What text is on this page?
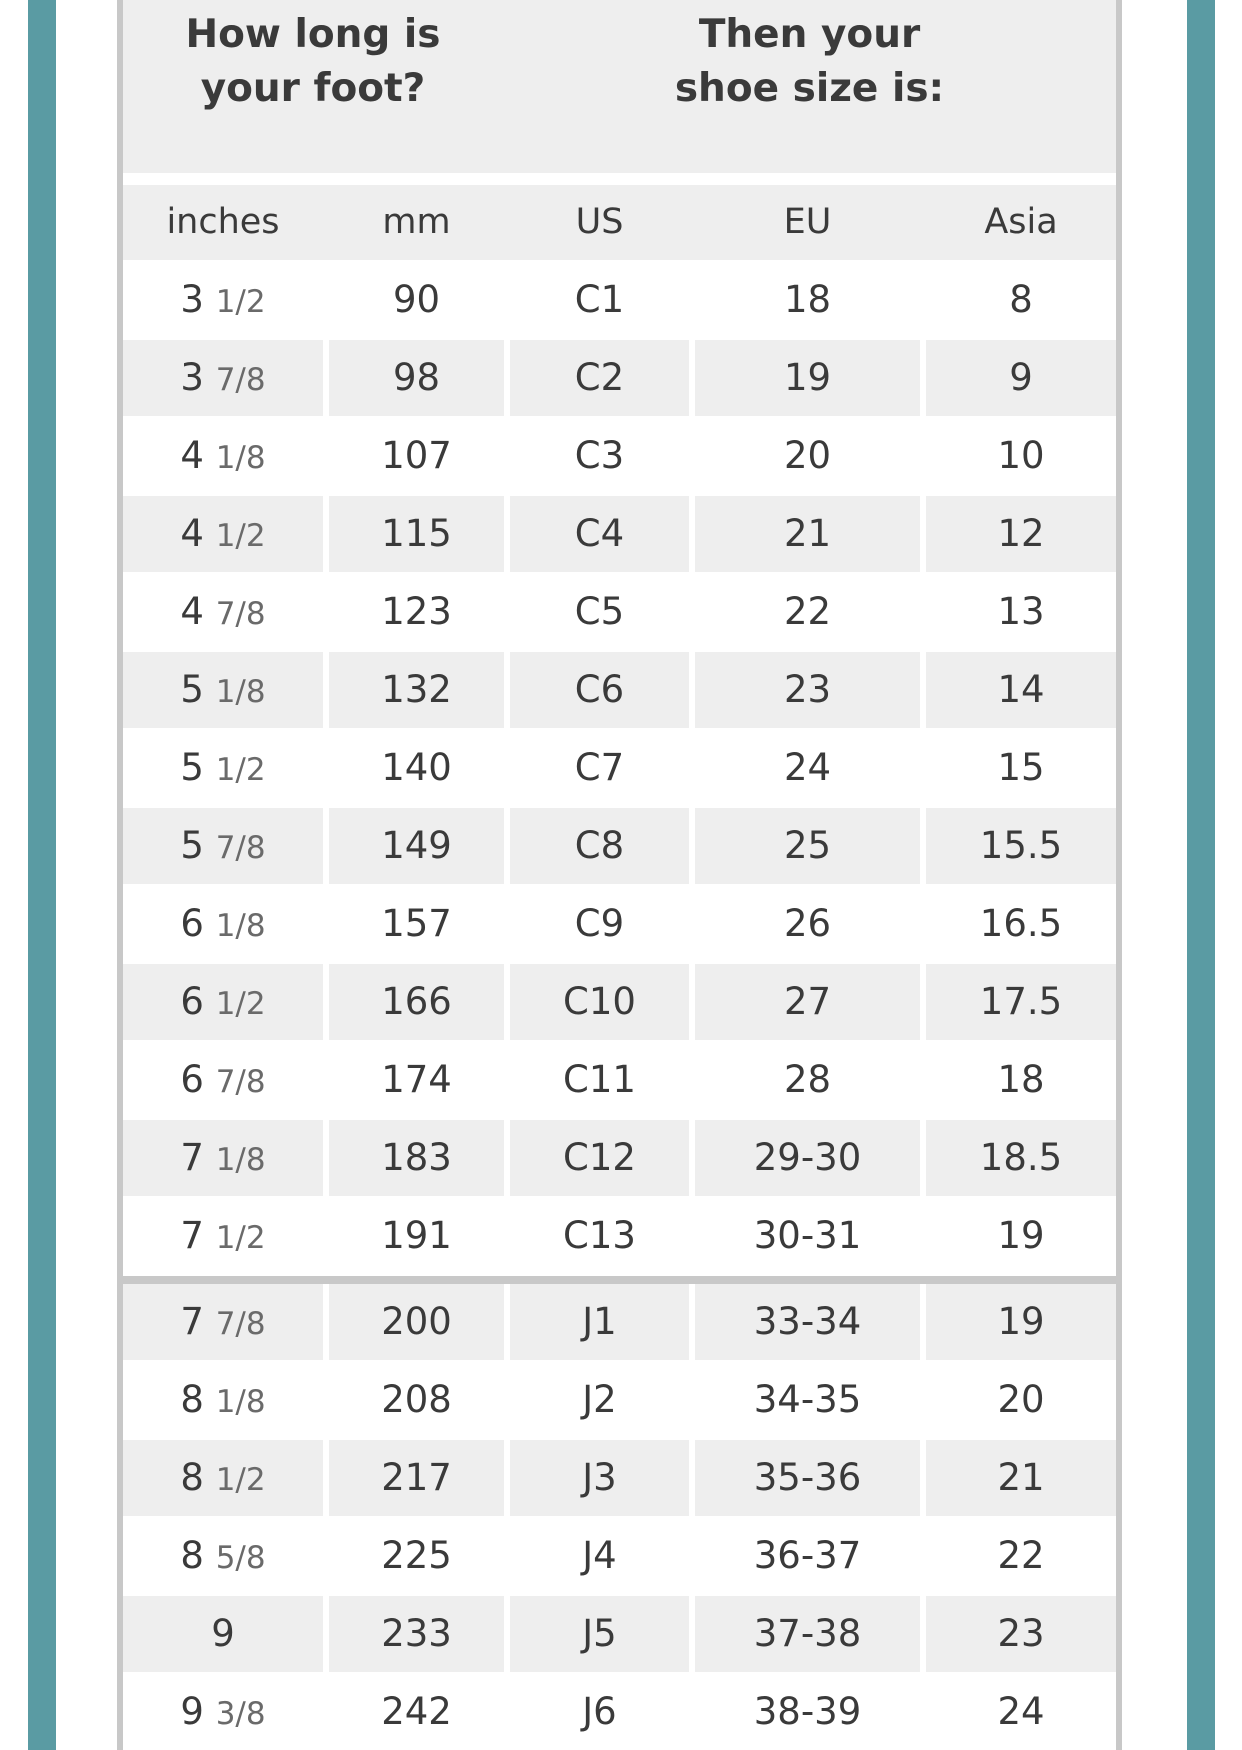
How long is
your foot?
Then your
shoe size is:
inches	mm	US	EU	Asia
3 1/2	90	C1	18	8
3 7/8	98	C2	19	9
4 1/8	107	C3	20	10
4 1/2	115	C4	21	12
4 7/8	123	C5	22	13
5 1/8	132	C6	23	14
5 1/2	140	C7	24	15
5 7/8	149	C8	25	15.5
6 1/8	157	C9	26	16.5
6 1/2	166	C10	27	17.5
6 7/8	174	C11	28	18
7 1/8	183	C12	29-30	18.5
7 1/2	191	C13	30-31	19
7 7/8	200	J1	33-34	19
8 1/8	208	J2	34-35	20
8 1/2	217	J3	35-36	21
8 5/8	225	J4	36-37	22
9	233	J5	37-38	23
9 3/8	242	J6	38-39	24
